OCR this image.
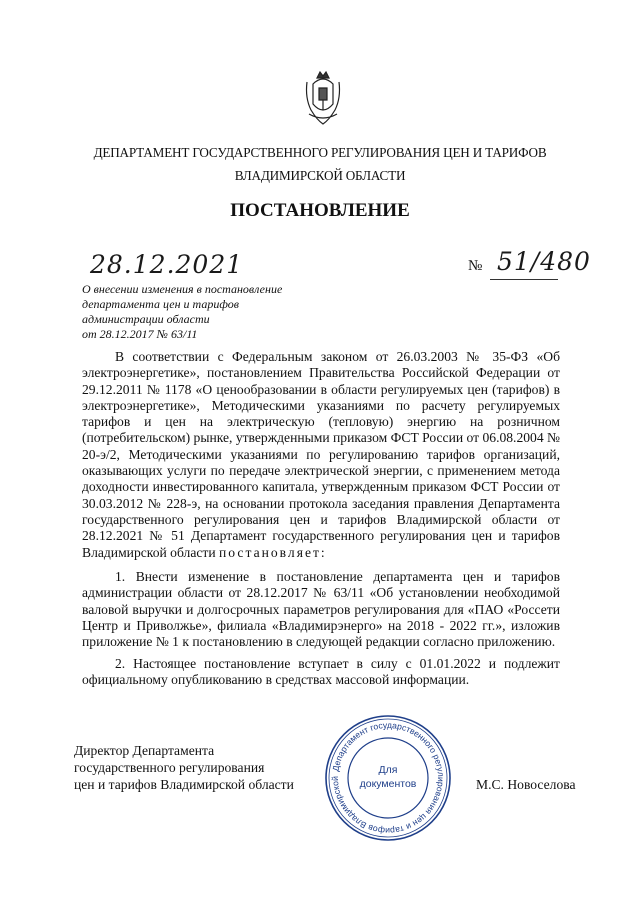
ДЕПАРТАМЕНТ ГОСУДАРСТВЕННОГО РЕГУЛИРОВАНИЯ ЦЕН И ТАРИФОВ
ВЛАДИМИРСКОЙ ОБЛАСТИ
ПОСТАНОВЛЕНИЕ
28.12.2021	№ 51/480
О внесении изменения в постановление
департамента цен и тарифов
администрации области
от 28.12.2017 № 63/11
В соответствии с Федеральным законом от 26.03.2003 № 35-ФЗ «Об электроэнергетике», постановлением Правительства Российской Федерации от 29.12.2011 № 1178 «О ценообразовании в области регулируемых цен (тарифов) в электроэнергетике», Методическими указаниями по расчету регулируемых тарифов и цен на электрическую (тепловую) энергию на розничном (потребительском) рынке, утвержденными приказом ФСТ России от 06.08.2004 № 20-э/2, Методическими указаниями по регулированию тарифов организаций, оказывающих услуги по передаче электрической энергии, с применением метода доходности инвестированного капитала, утвержденным приказом ФСТ России от 30.03.2012 № 228-э, на основании протокола заседания правления Департамента государственного регулирования цен и тарифов Владимирской области от 28.12.2021 № 51 Департамент государственного регулирования цен и тарифов Владимирской области постановляет:
1. Внести изменение в постановление департамента цен и тарифов администрации области от 28.12.2017 № 63/11 «Об установлении необходимой валовой выручки и долгосрочных параметров регулирования для «ПАО «Россети Центр и Приволжье», филиала «Владимирэнерго» на 2018 - 2022 гг.», изложив приложение № 1 к постановлению в следующей редакции согласно приложению.
2. Настоящее постановление вступает в силу с 01.01.2022 и подлежит официальному опубликованию в средствах массовой информации.
Директор Департамента
государственного регулирования
цен и тарифов Владимирской области
Департамент государственного регулирования цен и тарифов Владимирской
Для
документов	М.С. Новоселова
